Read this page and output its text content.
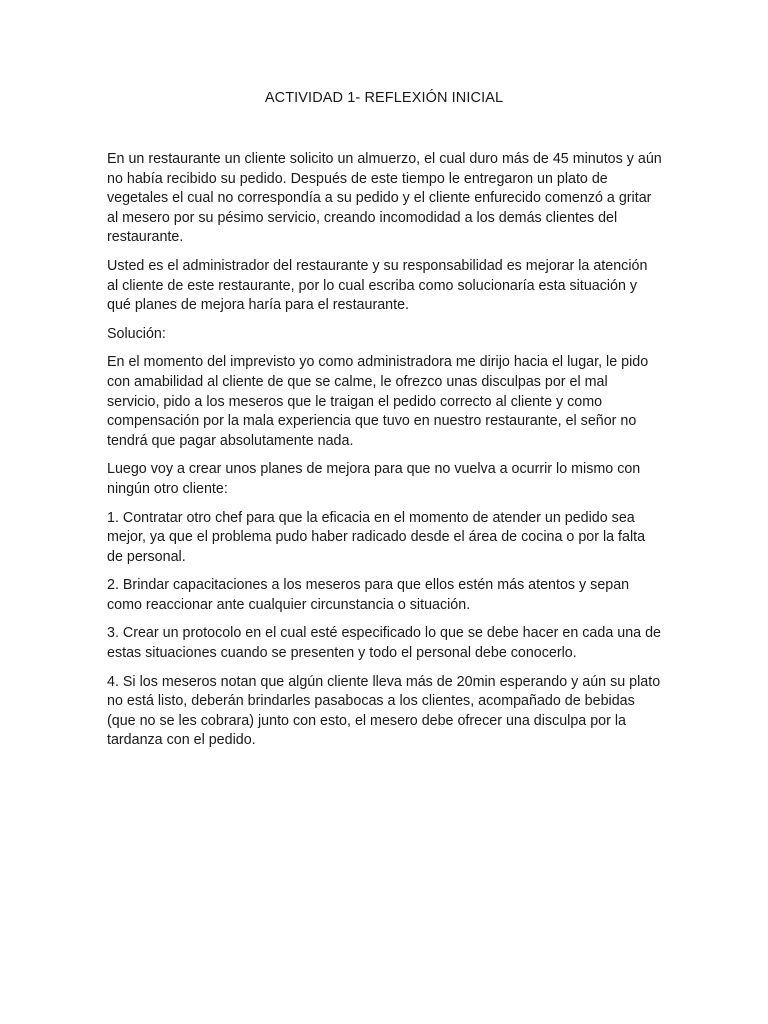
ACTIVIDAD 1- REFLEXIÓN INICIAL

En un restaurante un cliente solicito un almuerzo, el cual duro más de 45 minutos y aún no había recibido su pedido. Después de este tiempo le entregaron un plato de vegetales el cual no correspondía a su pedido y el cliente enfurecido comenzó a gritar al mesero por su pésimo servicio, creando incomodidad a los demás clientes del restaurante.

Usted es el administrador del restaurante y su responsabilidad es mejorar la atención al cliente de este restaurante, por lo cual escriba como solucionaría esta situación y qué planes de mejora haría para el restaurante.

Solución:

En el momento del imprevisto yo como administradora me dirijo hacia el lugar, le pido con amabilidad al cliente de que se calme, le ofrezco unas disculpas por el mal servicio, pido a los meseros que le traigan el pedido correcto al cliente y como compensación por la mala experiencia que tuvo en nuestro restaurante, el señor no tendrá que pagar absolutamente nada.

Luego voy a crear unos planes de mejora para que no vuelva a ocurrir lo mismo con ningún otro cliente:

1. Contratar otro chef para que la eficacia en el momento de atender un pedido sea mejor, ya que el problema pudo haber radicado desde el área de cocina o por la falta de personal.

2. Brindar capacitaciones a los meseros para que ellos estén más atentos y sepan como reaccionar ante cualquier circunstancia o situación.

3. Crear un protocolo en el cual esté especificado lo que se debe hacer en cada una de estas situaciones cuando se presenten y todo el personal debe conocerlo.

4. Si los meseros notan que algún cliente lleva más de 20min esperando y aún su plato no está listo, deberán brindarles pasabocas a los clientes, acompañado de bebidas (que no se les cobrara) junto con esto, el mesero debe ofrecer una disculpa por la tardanza con el pedido.
